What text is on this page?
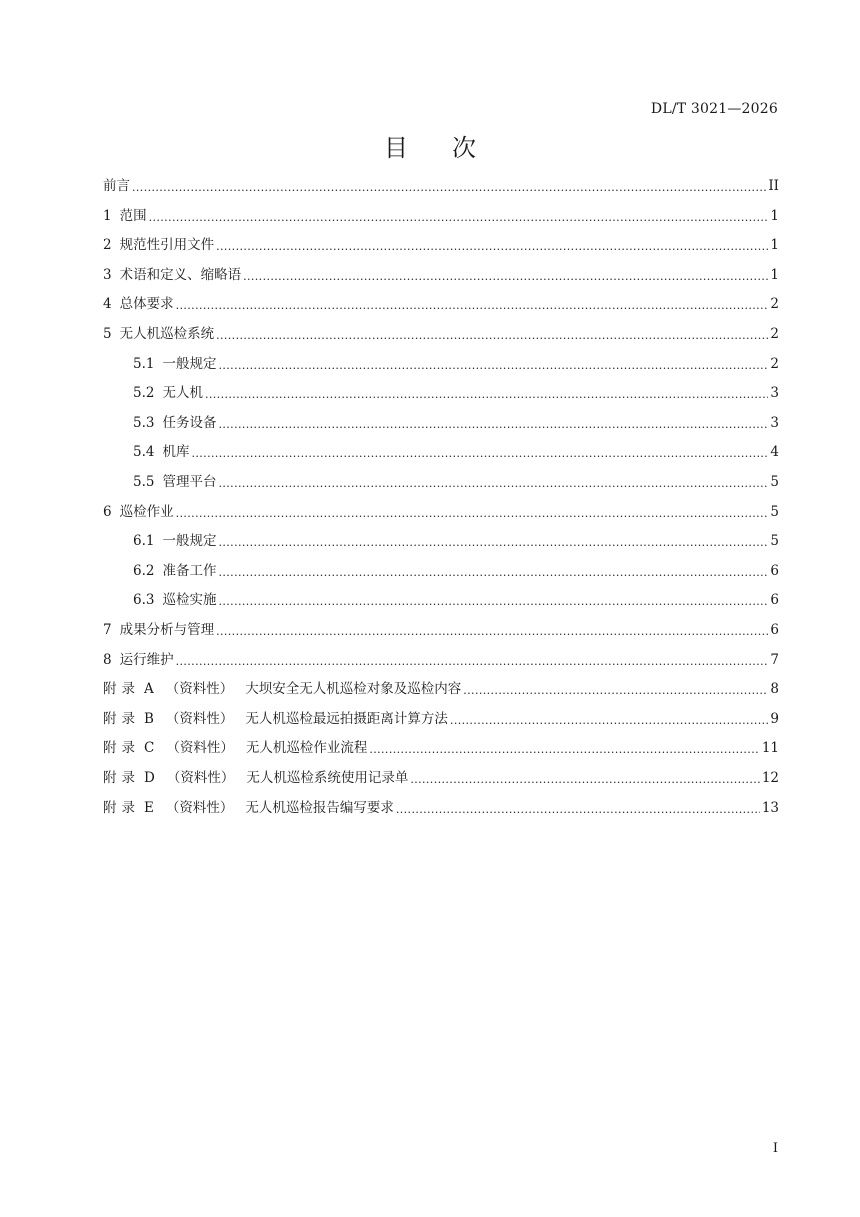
DL/T 3021—2026
目次
前言 .....	II
1 范围 .....	1
2 规范性引用文件 .....	1
3 术语和定义、缩略语 .....	1
4 总体要求 .....	2
5 无人机巡检系统 .....	2
5.1 一般规定 .....	2
5.2 无人机 .....	3
5.3 任务设备 .....	3
5.4 机库 .....	4
5.5 管理平台 .....	5
6 巡检作业 .....	5
6.1 一般规定 .....	5
6.2 准备工作 .....	6
6.3 巡检实施 .....	6
7 成果分析与管理 .....	6
8 运行维护 .....	7
附录 A （资料性） 大坝安全无人机巡检对象及巡检内容 .....	8
附录 B （资料性） 无人机巡检最远拍摄距离计算方法 .....	9
附录 C （资料性） 无人机巡检作业流程 .....	11
附录 D （资料性） 无人机巡检系统使用记录单 .....	12
附录 E （资料性） 无人机巡检报告编写要求 .....	13
I
